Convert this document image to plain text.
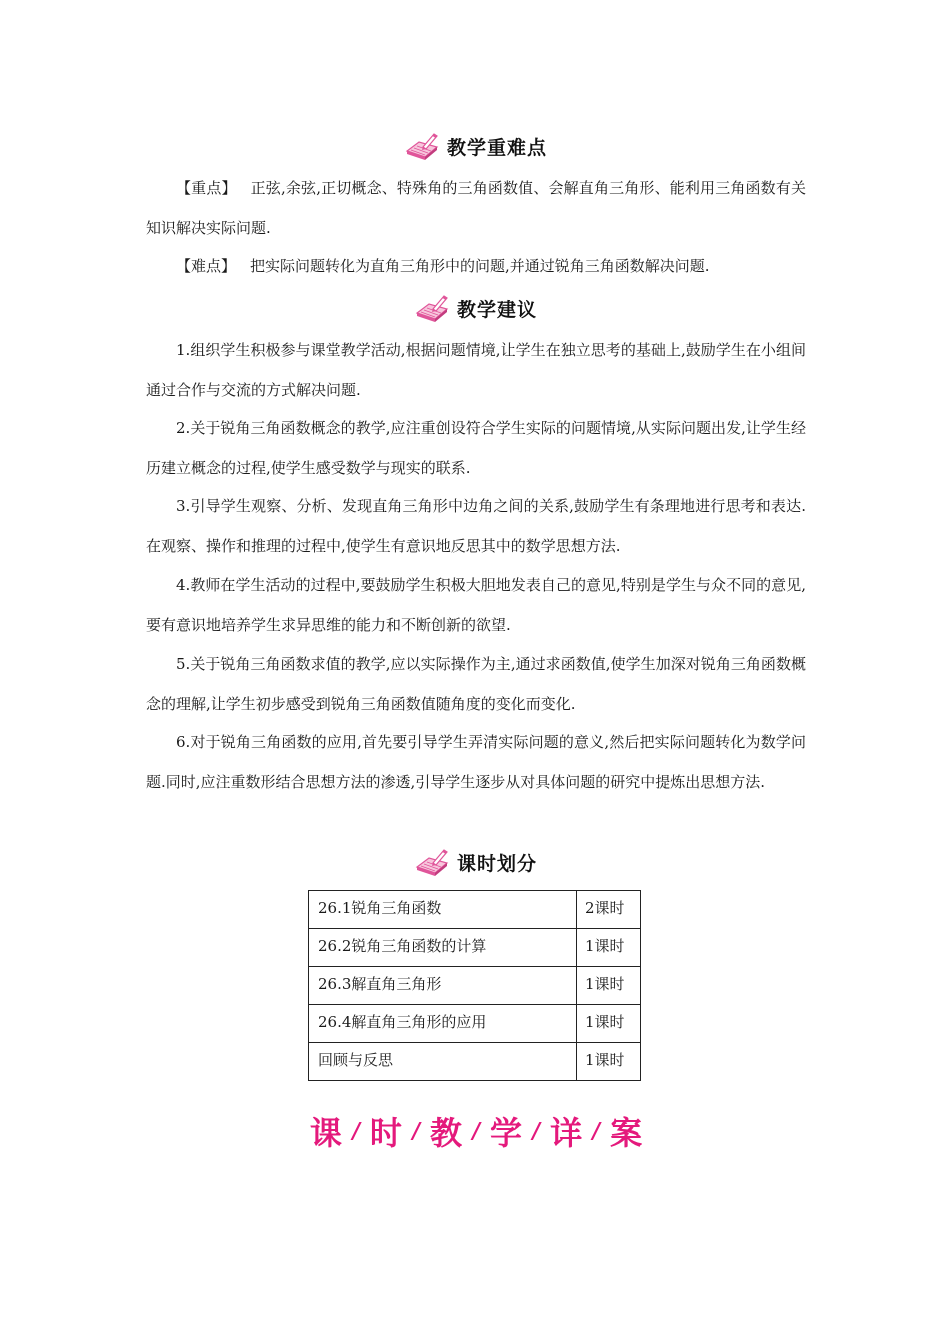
教学重难点

【重点】 正弦,余弦,正切概念、特殊角的三角函数值、会解直角三角形、能利用三角函数有关知识解决实际问题.

【难点】 把实际问题转化为直角三角形中的问题,并通过锐角三角函数解决问题.

教学建议

1.组织学生积极参与课堂教学活动,根据问题情境,让学生在独立思考的基础上,鼓励学生在小组间通过合作与交流的方式解决问题.

2.关于锐角三角函数概念的教学,应注重创设符合学生实际的问题情境,从实际问题出发,让学生经历建立概念的过程,使学生感受数学与现实的联系.

3.引导学生观察、分析、发现直角三角形中边角之间的关系,鼓励学生有条理地进行思考和表达.在观察、操作和推理的过程中,使学生有意识地反思其中的数学思想方法.

4.教师在学生活动的过程中,要鼓励学生积极大胆地发表自己的意见,特别是学生与众不同的意见,要有意识地培养学生求异思维的能力和不断创新的欲望.

5.关于锐角三角函数求值的教学,应以实际操作为主,通过求函数值,使学生加深对锐角三角函数概念的理解,让学生初步感受到锐角三角函数值随角度的变化而变化.

6.对于锐角三角函数的应用,首先要引导学生弄清实际问题的意义,然后把实际问题转化为数学问题.同时,应注重数形结合思想方法的渗透,引导学生逐步从对具体问题的研究中提炼出思想方法.

课时划分
26.1锐角三角函数	2课时
26.2锐角三角函数的计算	1课时
26.3解直角三角形	1课时
26.4解直角三角形的应用	1课时
回顾与反思	1课时
课 / 时 / 教 / 学 / 详 / 案
